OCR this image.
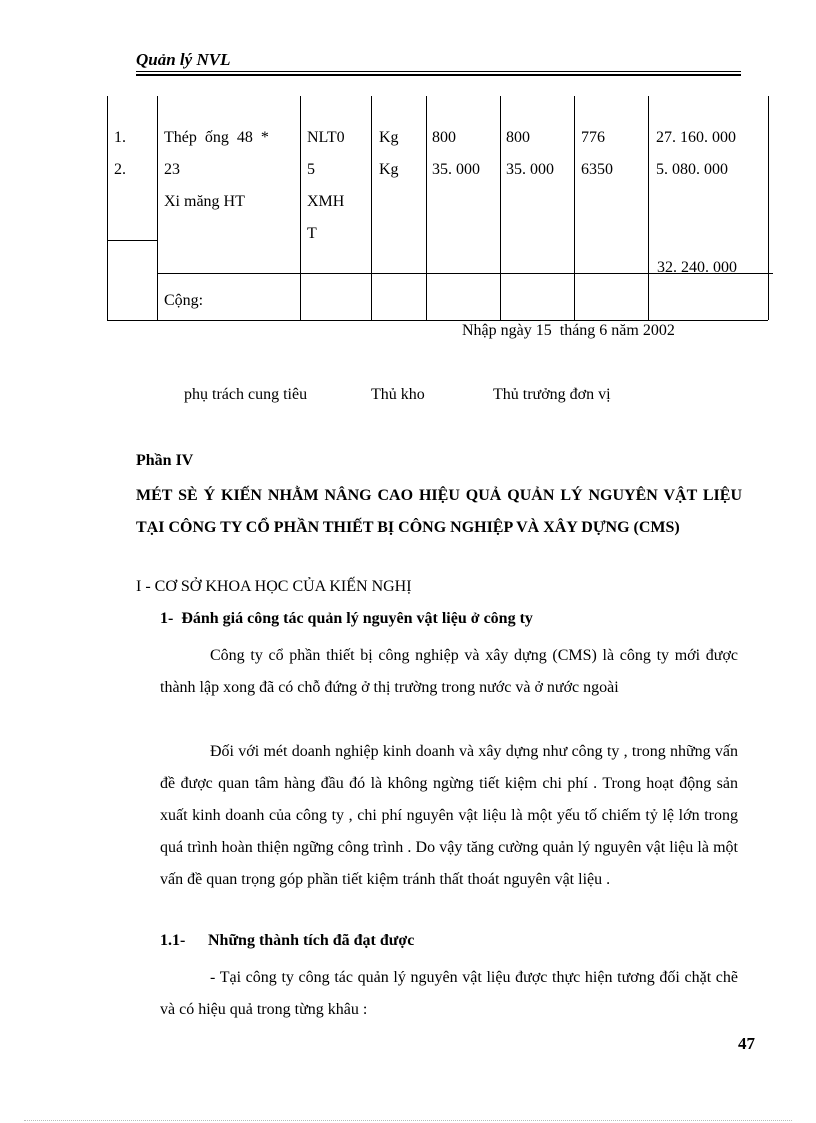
Quản lý NVL
1.
2.
Thép  ống  48  *
23
Xi măng HT
NLT0
5
XMH
T
Kg
Kg
800
35. 000
800
35. 000
776
6350
27. 160. 000
5. 080. 000
32. 240. 000
Cộng:
Nhập ngày 15  tháng 6 năm 2002
phụ trách cung tiêu	Thủ kho	Thủ trưởng đơn vị
Phần IV
MÉT SÈ Ý KIẾN NHẰM NÂNG CAO HIỆU QUẢ QUẢN LÝ NGUYÊN VẬT LIỆU TẠI CÔNG TY CỔ PHẦN THIẾT BỊ CÔNG NGHIỆP VÀ XÂY DỰNG (CMS)
I - CƠ SỞ KHOA HỌC CỦA KIẾN NGHỊ
1-  Đánh giá công tác quản lý nguyên vật liệu ở công ty
Công ty cổ phần thiết bị công nghiệp và xây dựng (CMS) là công ty mới được thành lập xong đã có chỗ đứng ở thị trường trong nước và ở nước ngoài
Đối với mét doanh nghiệp kinh doanh và xây dựng như công ty , trong những vấn đề được quan tâm hàng đầu đó là không ngừng tiết kiệm chi phí . Trong hoạt động sản xuất kinh doanh của công ty , chi phí nguyên vật liệu là một yếu tố chiếm tỷ lệ lớn trong quá trình hoàn thiện ngững công trình . Do vậy tăng cường quản lý nguyên vật liệu là một vấn đề quan trọng góp phần tiết kiệm tránh thất thoát nguyên vật liệu .
1.1- Những thành tích đã đạt được
- Tại công ty công tác quản lý nguyên vật liệu được thực hiện tương đối chặt chẽ và có hiệu quả trong từng khâu :
47
